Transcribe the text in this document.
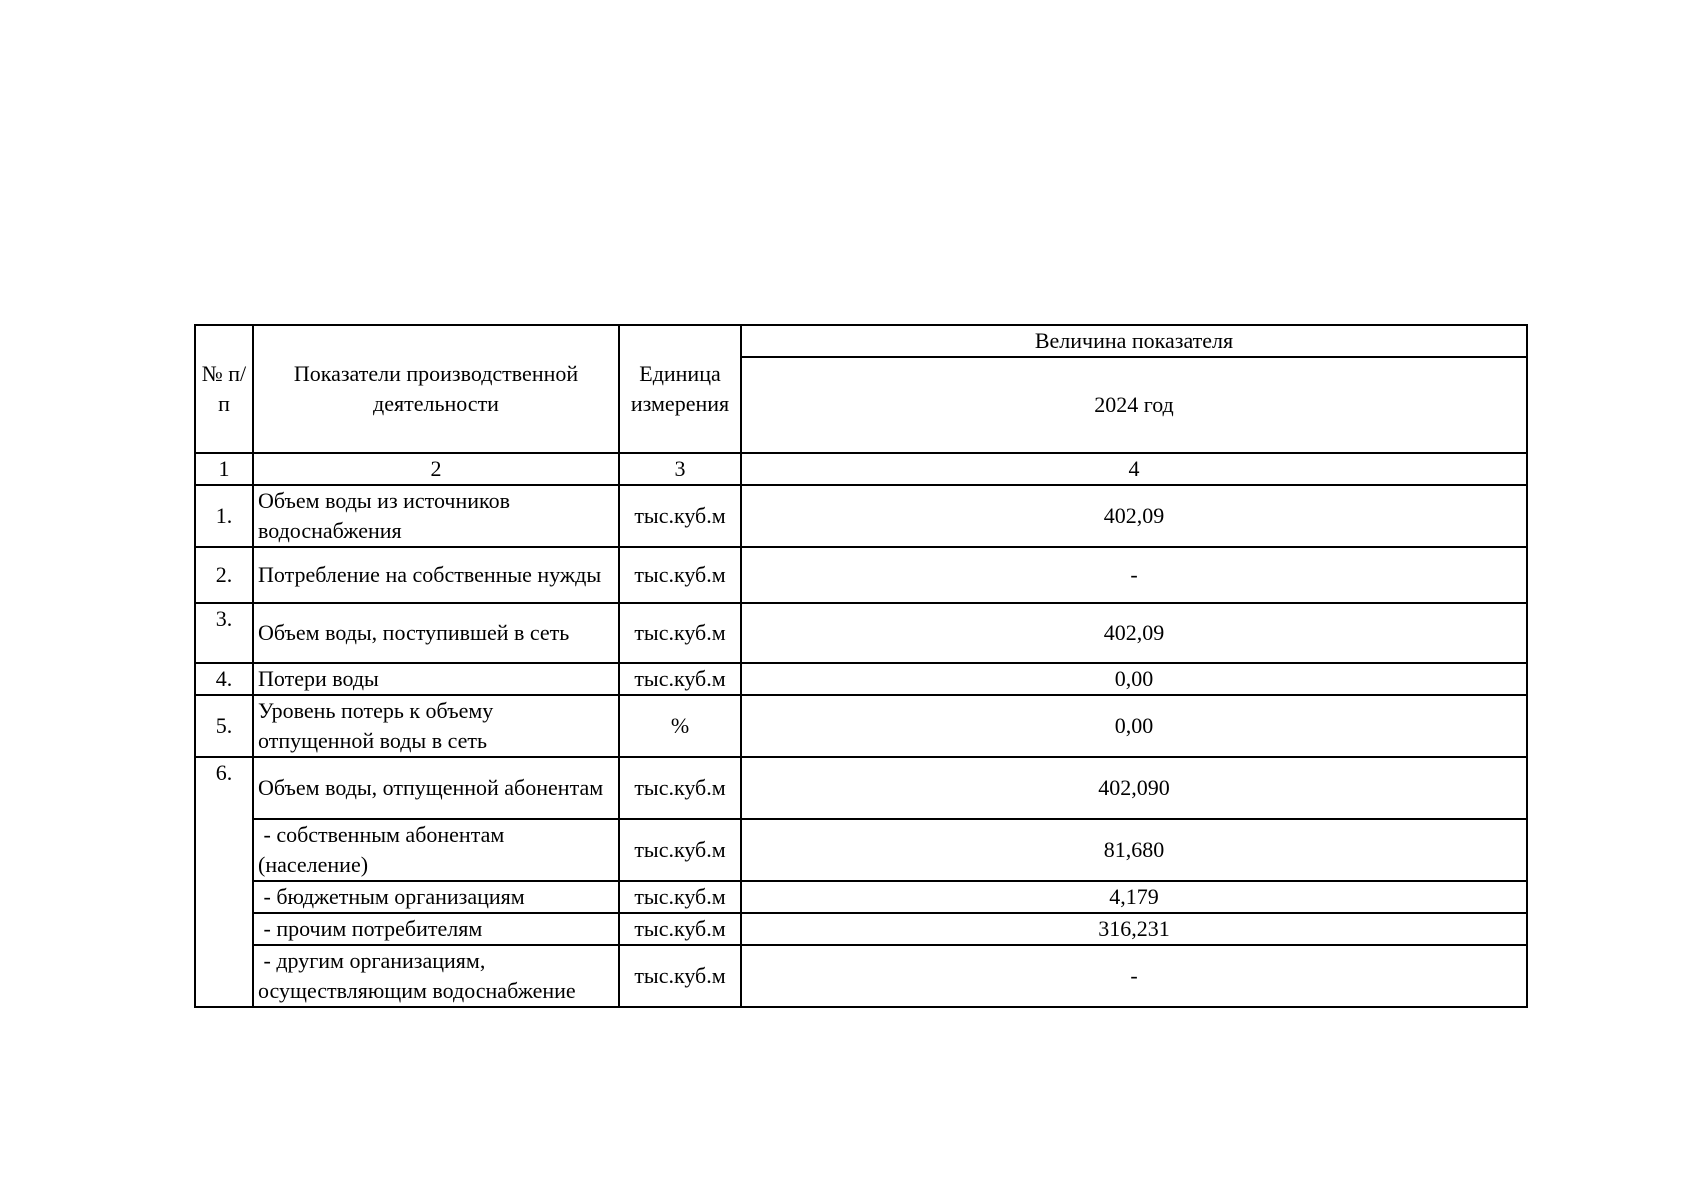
№ п/п	Показатели производственной деятельности	Единица измерения	Величина показателя
			2024 год
1	2	3	4
1.	Объем воды из источников водоснабжения	тыс.куб.м	402,09
2.	Потребление на собственные нужды	тыс.куб.м	-
3.	Объем воды, поступившей в сеть	тыс.куб.м	402,09
4.	Потери воды	тыс.куб.м	0,00
5.	Уровень потерь к объему отпущенной воды в сеть	%	0,00
6.	Объем воды, отпущенной абонентам	тыс.куб.м	402,090
	- собственным абонентам (население)	тыс.куб.м	81,680
	- бюджетным организациям	тыс.куб.м	4,179
	- прочим потребителям	тыс.куб.м	316,231
	- другим организациям, осуществляющим водоснабжение	тыс.куб.м	-
